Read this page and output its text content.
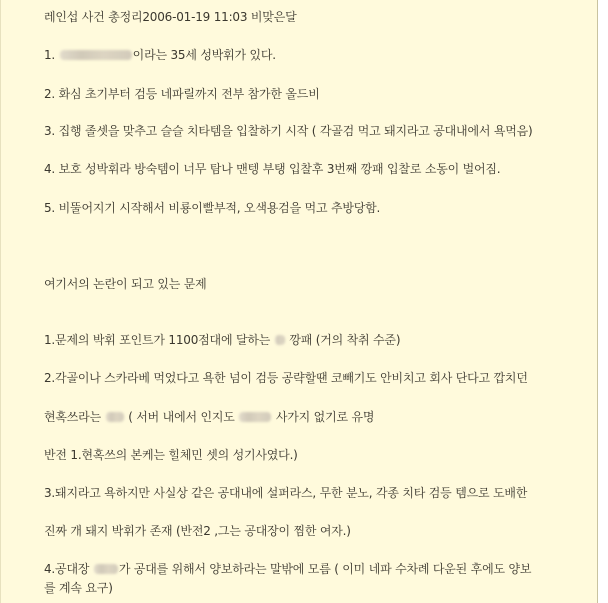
레인섭 사건 총정리2006-01-19 11:03 비맞은달

1.	이라는 35세 성박휘가 있다.

2. 화심 초기부터 검등 네파릴까지 전부 참가한 올드비

3. 집행 졸셋을 맞추고 슬슬 치타템을 입찰하기 시작 ( 각골검 먹고 돼지라고 공대내에서 욕먹음)

4. 보호 성박휘라 방숙템이 너무 탐나 맨텡 부탱 입찰후 3번째 깡패 입찰로 소동이 벌어짐.

5. 비뚤어지기 시작해서 비룡이빨부적, 오색용검을 먹고 추방당함.

여기서의 논란이 되고 있는 문제

1.문제의 박휘 포인트가 1100점대에 달하는  깡패 (거의 착취 수준)

2.각골이나 스카라베 먹었다고 욕한 넘이 검등 공략할땐 코빼기도 안비치고 회사 단다고 깝치던

현혹쓰라는  ( 서버 내에서 인지도	사가지 없기로 유명

반전 1.현혹쓰의 본케는 힐체민 셋의 성기사였다.)

3.돼지라고 욕하지만 사실상 같은 공대내에 설퍼라스, 무한 분노, 각종 치타 검등 템으로 도배한

진짜 개 돼지 박휘가 존재 (반전2 ,그는 공대장이 찜한 여자.)

4.공대장 가 공대를 위해서 양보하라는 말밖에 모름 ( 이미 네파 수차례 다운된 후에도 양보

를 계속 요구)
